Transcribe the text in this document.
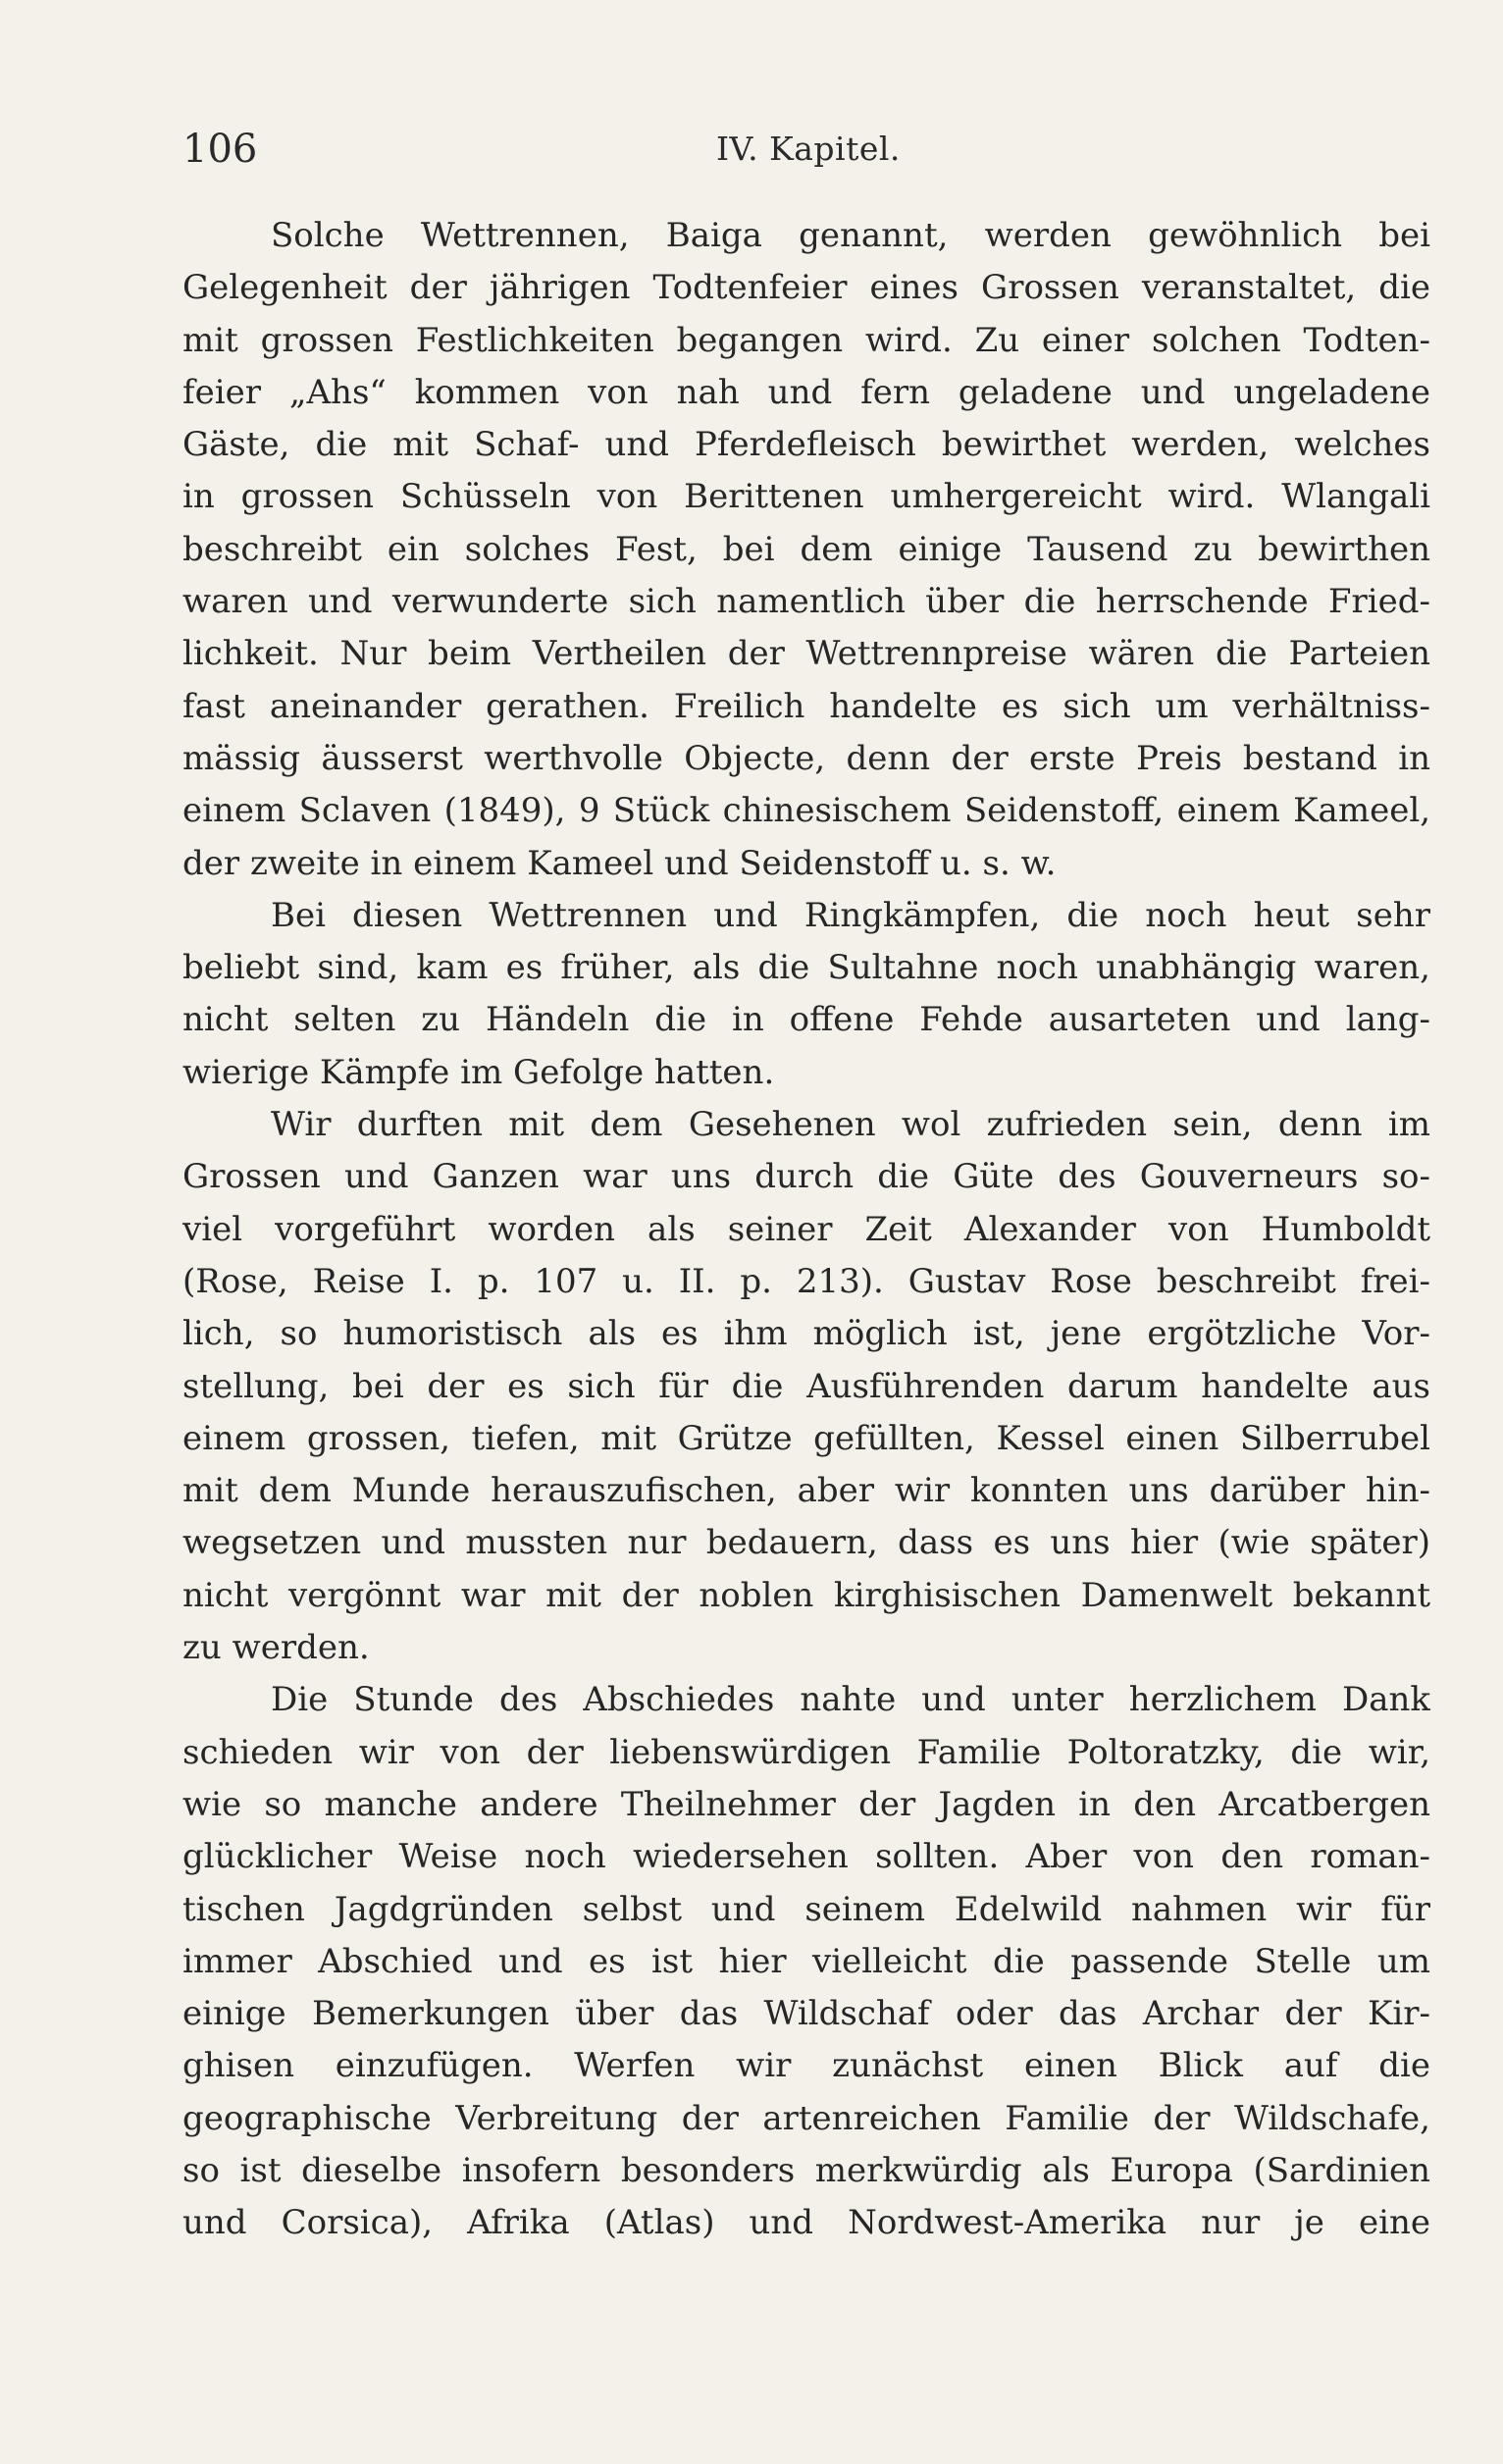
106	IV. Kapitel.
Solche Wettrennen, Baiga genannt, werden gewöhnlich bei
Gelegenheit der jährigen Todtenfeier eines Grossen veranstaltet, die
mit grossen Festlichkeiten begangen wird. Zu einer solchen Todten-
feier „Ahs“ kommen von nah und fern geladene und ungeladene
Gäste, die mit Schaf- und Pferdefleisch bewirthet werden, welches
in grossen Schüsseln von Berittenen umhergereicht wird. Wlangali
beschreibt ein solches Fest, bei dem einige Tausend zu bewirthen
waren und verwunderte sich namentlich über die herrschende Fried-
lichkeit. Nur beim Vertheilen der Wettrennpreise wären die Parteien
fast aneinander gerathen. Freilich handelte es sich um verhältniss-
mässig äusserst werthvolle Objecte, denn der erste Preis bestand in
einem Sclaven (1849), 9 Stück chinesischem Seidenstoff, einem Kameel,
der zweite in einem Kameel und Seidenstoff u. s. w.
Bei diesen Wettrennen und Ringkämpfen, die noch heut sehr
beliebt sind, kam es früher, als die Sultahne noch unabhängig waren,
nicht selten zu Händeln die in offene Fehde ausarteten und lang-
wierige Kämpfe im Gefolge hatten.
Wir durften mit dem Gesehenen wol zufrieden sein, denn im
Grossen und Ganzen war uns durch die Güte des Gouverneurs so-
viel vorgeführt worden als seiner Zeit Alexander von Humboldt
(Rose, Reise I. p. 107 u. II. p. 213). Gustav Rose beschreibt frei-
lich, so humoristisch als es ihm möglich ist, jene ergötzliche Vor-
stellung, bei der es sich für die Ausführenden darum handelte aus
einem grossen, tiefen, mit Grütze gefüllten, Kessel einen Silberrubel
mit dem Munde herauszufischen, aber wir konnten uns darüber hin-
wegsetzen und mussten nur bedauern, dass es uns hier (wie später)
nicht vergönnt war mit der noblen kirghisischen Damenwelt bekannt
zu werden.
Die Stunde des Abschiedes nahte und unter herzlichem Dank
schieden wir von der liebenswürdigen Familie Poltoratzky, die wir,
wie so manche andere Theilnehmer der Jagden in den Arcatbergen
glücklicher Weise noch wiedersehen sollten. Aber von den roman-
tischen Jagdgründen selbst und seinem Edelwild nahmen wir für
immer Abschied und es ist hier vielleicht die passende Stelle um
einige Bemerkungen über das Wildschaf oder das Archar der Kir-
ghisen einzufügen. Werfen wir zunächst einen Blick auf die
geographische Verbreitung der artenreichen Familie der Wildschafe,
so ist dieselbe insofern besonders merkwürdig als Europa (Sardinien
und Corsica), Afrika (Atlas) und Nordwest-Amerika nur je eine
